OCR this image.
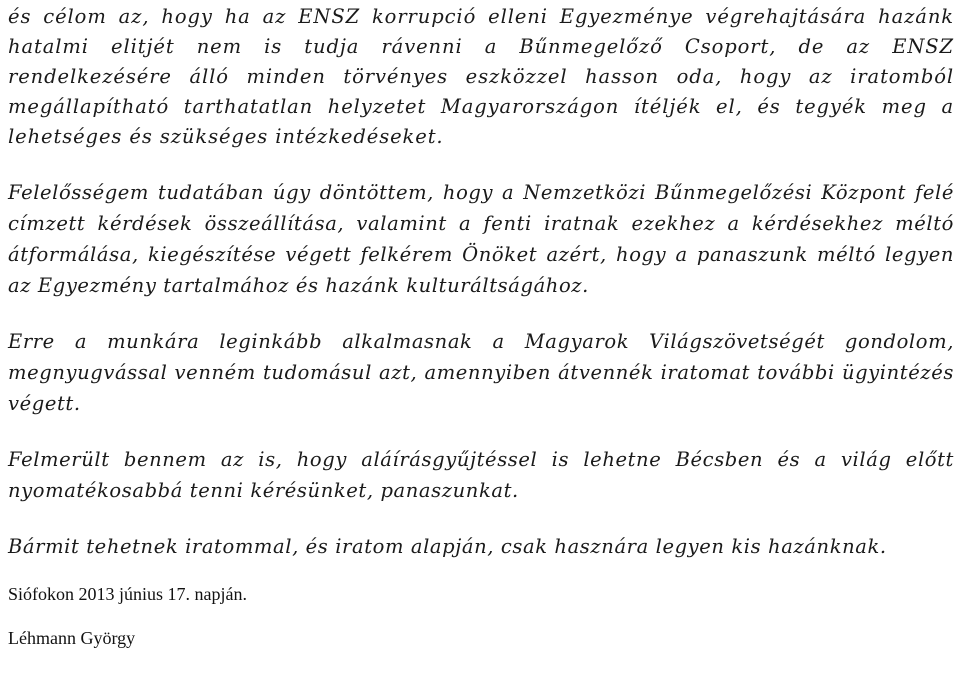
és célom az, hogy ha az ENSZ korrupció elleni Egyezménye végrehajtására hazánk hatalmi elitjét nem is tudja rávenni a Bűnmegelőző Csoport, de az ENSZ rendelkezésére álló minden törvényes eszközzel hasson oda, hogy az iratomból megállapítható tarthatatlan helyzetet Magyarországon ítéljék el, és tegyék meg a lehetséges és szükséges intézkedéseket.

Felelősségem tudatában úgy döntöttem, hogy a Nemzetközi Bűnmegelőzési Központ felé címzett kérdések összeállítása, valamint a fenti iratnak ezekhez a kérdésekhez méltó átformálása, kiegészítése végett felkérem Önöket azért, hogy a panaszunk méltó legyen az Egyezmény tartalmához és hazánk kulturáltságához.

Erre a munkára leginkább alkalmasnak a Magyarok Világszövetségét gondolom, megnyugvással venném tudomásul azt, amennyiben átvennék iratomat további ügyintézés végett.

Felmerült bennem az is, hogy aláírásgyűjtéssel is lehetne Bécsben és a világ előtt nyomatékosabbá tenni kérésünket, panaszunkat.

Bármit tehetnek iratommal, és iratom alapján, csak hasznára legyen kis hazánknak.

Siófokon 2013 június 17. napján.

Léhmann György
